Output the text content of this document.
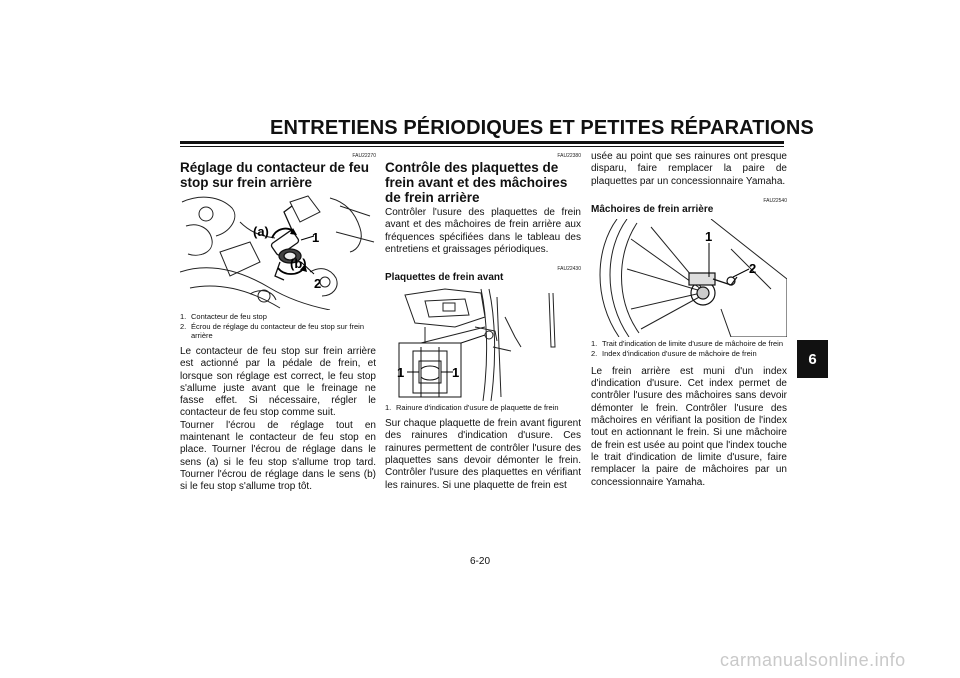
ENTRETIENS PÉRIODIQUES ET PETITES RÉPARATIONS
6
FAU22270
Réglage du contacteur de feu stop sur frein arrière
(a)
(b)
1
2
1. Contacteur de feu stop
2. Écrou de réglage du contacteur de feu stop sur frein arrière

Le contacteur de feu stop sur frein arrière est actionné par la pédale de frein, et lorsque son réglage est correct, le feu stop s'allume juste avant que le freinage ne fasse effet. Si nécessaire, régler le contacteur de feu stop comme suit.

Tourner l'écrou de réglage tout en maintenant le contacteur de feu stop en place. Tourner l'écrou de réglage dans le sens (a) si le feu stop s'allume trop tard. Tourner l'écrou de réglage dans le sens (b) si le feu stop s'allume trop tôt.

FAU22380
Contrôle des plaquettes de frein avant et des mâchoires de frein arrière

Contrôler l'usure des plaquettes de frein avant et des mâchoires de frein arrière aux fréquences spécifiées dans le tableau des entretiens et graissages périodiques.

FAU22430
Plaquettes de frein avant
1	1
1. Rainure d'indication d'usure de plaquette de frein

Sur chaque plaquette de frein avant figurent des rainures d'indication d'usure. Ces rainures permettent de contrôler l'usure des plaquettes sans devoir démonter le frein. Contrôler l'usure des plaquettes en vérifiant les rainures. Si une plaquette de frein est

usée au point que ses rainures ont presque disparu, faire remplacer la paire de plaquettes par un concessionnaire Yamaha.

FAU22540
Mâchoires de frein arrière
1
2
1. Trait d'indication de limite d'usure de mâchoire de frein
2. Index d'indication d'usure de mâchoire de frein

Le frein arrière est muni d'un index d'indication d'usure. Cet index permet de contrôler l'usure des mâchoires sans devoir démonter le frein. Contrôler l'usure des mâchoires en vérifiant la position de l'index tout en actionnant le frein. Si une mâchoire de frein est usée au point que l'index touche le trait d'indication de limite d'usure, faire remplacer la paire de mâchoires par un concessionnaire Yamaha.

6-20
carmanualsonline.info
